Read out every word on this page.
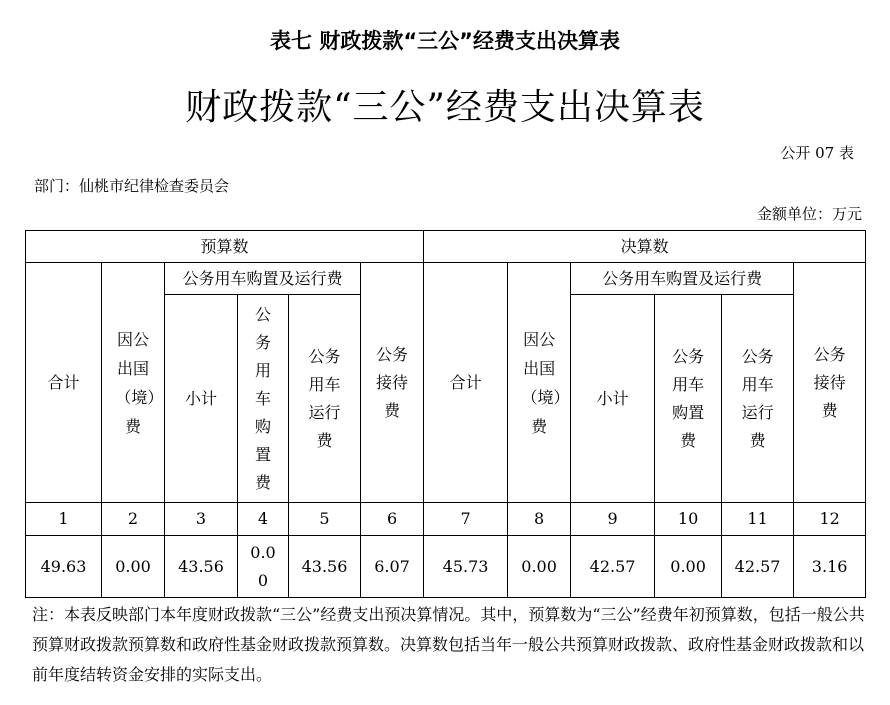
表七 财政拨款“三公”经费支出决算表
财政拨款“三公”经费支出决算表
公开 07 表
部门：仙桃市纪律检查委员会
金额单位：万元
预算数						决算数					
合计	因公出国（境）费	公务用车购置及运行费			公务接待费	合计	因公出国（境）费	公务用车购置及运行费			公务接待费

		小计	公务用车购置费	公务用车运行费				小计	公务用车购置费	公务用车运行费	

1	2	3	4	5	6	7	8	9	10	11	12
49.63	0.00	43.56	0.00	43.56	6.07	45.73	0.00	42.57	0.00	42.57	3.16
注：本表反映部门本年度财政拨款“三公”经费支出预决算情况。其中，预算数为“三公”经费年初预算数，包括一般公共预算财政拨款预算数和政府性基金财政拨款预算数。决算数包括当年一般公共预算财政拨款、政府性基金财政拨款和以前年度结转资金安排的实际支出。
